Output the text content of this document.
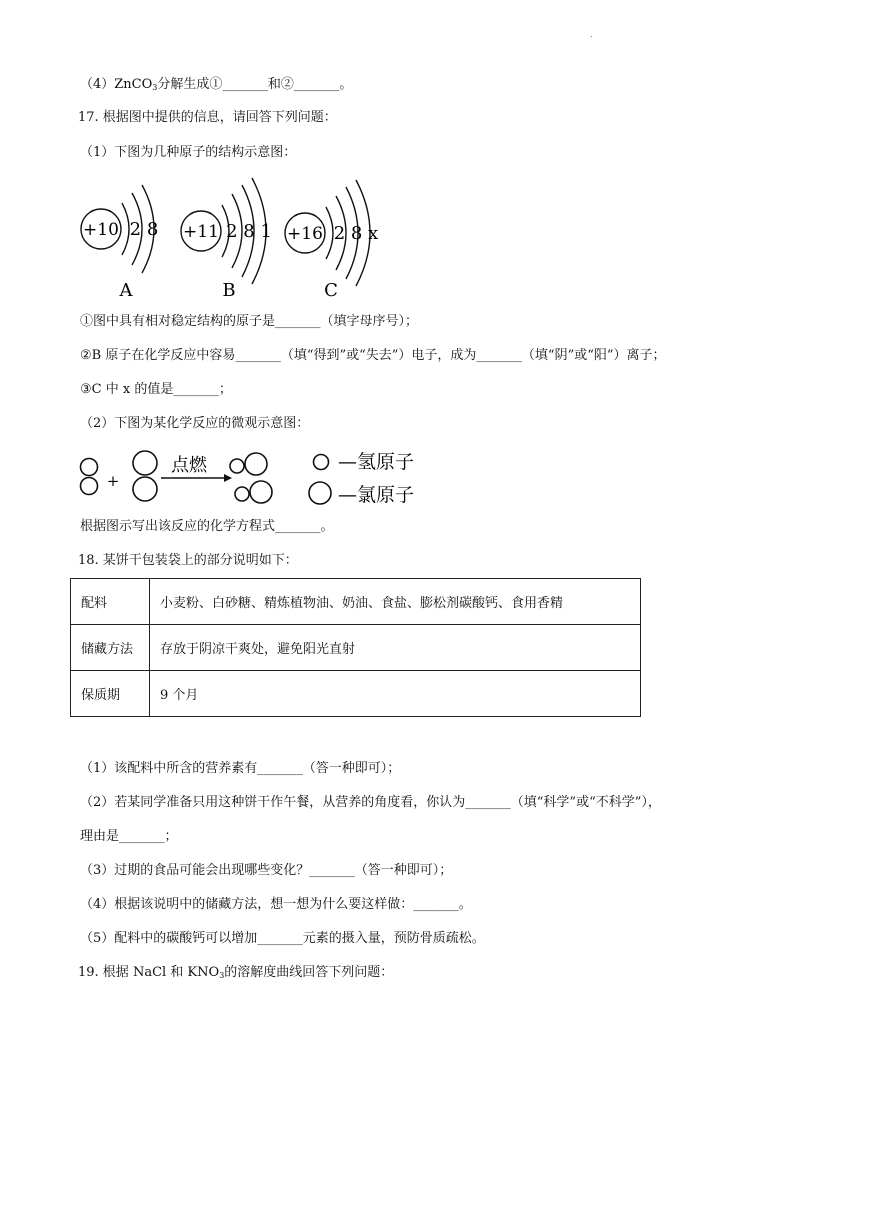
.
（4）ZnCO$_3$分解生成①_______和②_______。
17. 根据图中提供的信息，请回答下列问题：
（1）下图为几种原子的结构示意图：
+10 2 8
A
+11 2 8 1
B
+16 2 8 x
C
①图中具有相对稳定结构的原子是_______（填字母序号）；
②B 原子在化学反应中容易_______（填“得到”或“失去”）电子，成为_______（填“阴”或“阳”）离子；
③C 中 x 的值是_______；
（2）下图为某化学反应的微观示意图：
+
点燃	—氢原子
—氯原子
根据图示写出该反应的化学方程式_______。
18. 某饼干包装袋上的部分说明如下：
配料	小麦粉、白砂糖、精炼植物油、奶油、食盐、膨松剂碳酸钙、食用香精
储藏方法	存放于阴凉干爽处，避免阳光直射
保质期	9 个月
（1）该配料中所含的营养素有_______（答一种即可）；
（2）若某同学准备只用这种饼干作午餐，从营养的角度看，你认为_______（填“科学”或“不科学”），
理由是_______；
（3）过期的食品可能会出现哪些变化？_______（答一种即可）；
（4）根据该说明中的储藏方法，想一想为什么要这样做：_______。
（5）配料中的碳酸钙可以增加_______元素的摄入量，预防骨质疏松。
19. 根据 NaCl 和 $KNO_3$的溶解度曲线回答下列问题：
